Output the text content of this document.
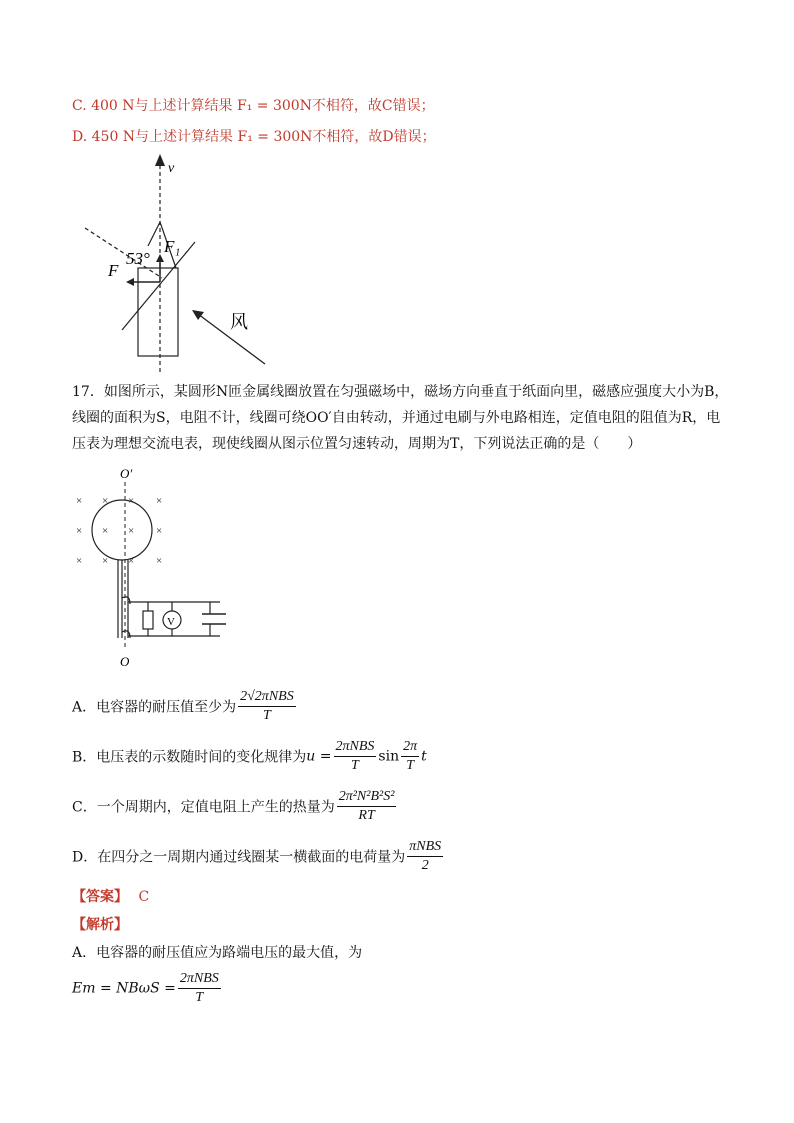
C. 400 N与上述计算结果 F₁ = 300N不相符，故C错误；
D. 450 N与上述计算结果 F₁ = 300N不相符，故D错误；
v
53°
F₁
F
风
17．如图所示，某圆形N匝金属线圈放置在匀强磁场中，磁场方向垂直于纸面向里，磁感应强度大小为B，
线圈的面积为S，电阻不计，线圈可绕OO′自由转动，并通过电刷与外电路相连，定值电阻的阻值为R，电
压表为理想交流电表，现使线圈从图示位置匀速转动，周期为T，下列说法正确的是（　　）
O′
× × × ×
× × × ×
× × × ×
V
O
A．电容器的耐压值至少为 $\frac{\text{2√2πNBS}}{T}$
B．电压表的示数随时间的变化规律为$u = \frac{\text{2πNBS}}{T}$ $\sin \frac{2\pi}{T}$ t
C．一个周期内，定值电阻上产生的热量为 $\frac{\text{2π²N²B²S²}}{RT}$
D．在四分之一周期内通过线圈某一横截面的电荷量为 $\frac{\text{πNBS}}{2}$
【答案】 C
【解析】
A．电容器的耐压值应为路端电压的最大值，为
$Em = NB\omega S = \frac{\text{2πNBS}}{T}$
